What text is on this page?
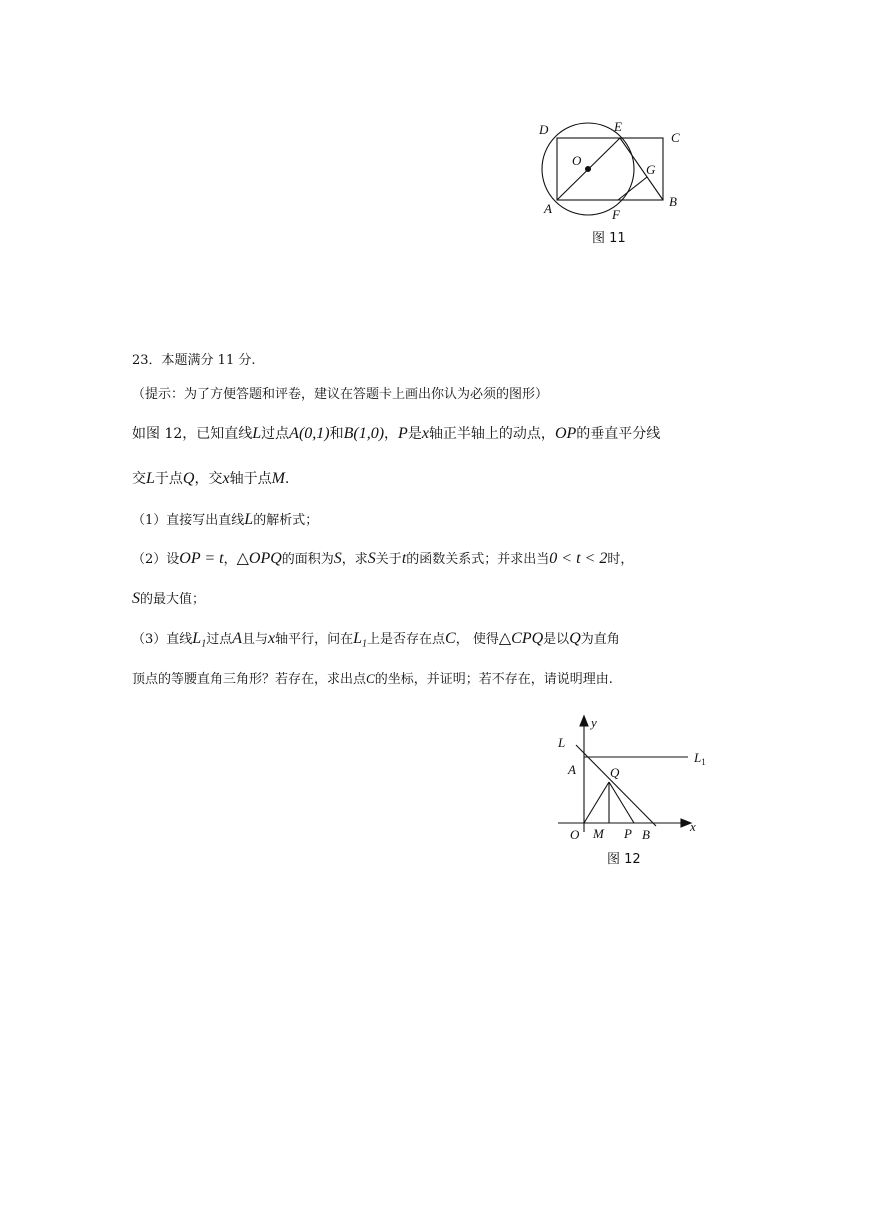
D	E
C
O
G
A	F
B
图 11
23．本题满分 11 分.
（提示：为了方便答题和评卷，建议在答题卡上画出你认为必须的图形）
如图 12，已知直线L过点A(0,1)和B(1,0)，P是x轴正半轴上的动点，OP的垂直平分线
交L于点Q，交x轴于点M.
（1）直接写出直线L的解析式；
（2）设OP = t，△OPQ的面积为S，求S关于t的函数关系式；并求出当0 < t < 2时，
S的最大值；
（3）直线$L_1$过点A且与x轴平行，问在$L_1$上是否存在点C， 使得△CPQ是以Q为直角
顶点的等腰直角三角形？若存在，求出点C的坐标，并证明；若不存在，请说明理由.
y
L
$L_1$
A	Q
O M P B
x
图 12
